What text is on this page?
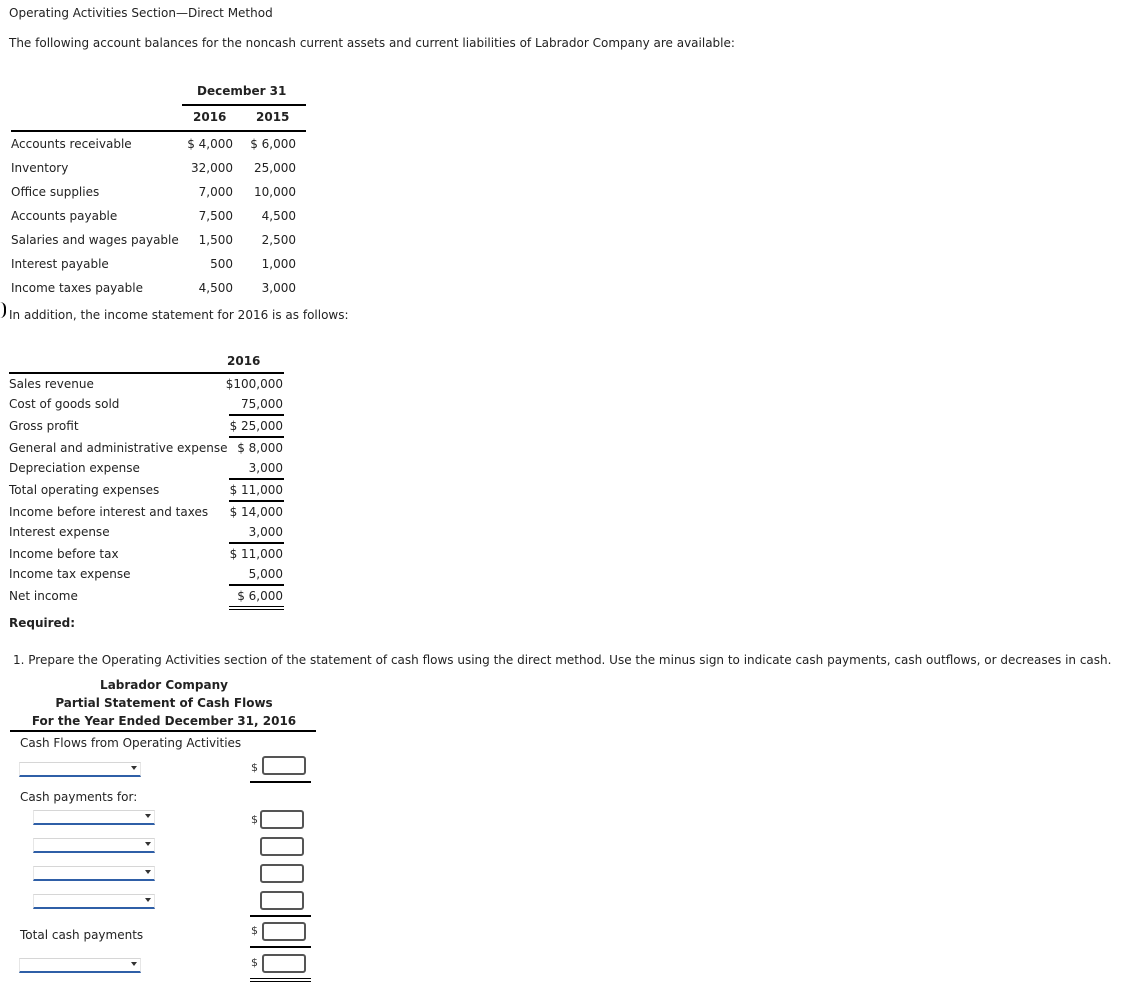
Operating Activities Section—Direct Method
The following account balances for the noncash current assets and current liabilities of Labrador Company are available:
December 31
2016 2015
Accounts receivable	$ 4,000	$ 6,000
Inventory	32,000	25,000
Office supplies	7,000	10,000
Accounts payable	7,500	4,500
Salaries and wages payable	1,500	2,500
Interest payable	500	1,000
Income taxes payable	4,500	3,000
In addition, the income statement for 2016 is as follows:
2016
Sales revenue	$100,000
Cost of goods sold	75,000
Gross profit	$ 25,000
General and administrative expense $ 8,000
Depreciation expense	3,000
Total operating expenses	$ 11,000
Income before interest and taxes	$ 14,000
Interest expense	3,000
Income before tax	$ 11,000
Income tax expense	5,000
Net income	$ 6,000
Required:
1. Prepare the Operating Activities section of the statement of cash flows using the direct method. Use the minus sign to indicate cash payments, cash outflows, or decreases in cash.
Labrador Company
Partial Statement of Cash Flows
For the Year Ended December 31, 2016
Cash Flows from Operating Activities
$
Cash payments for:
$
Total cash payments	$
$
